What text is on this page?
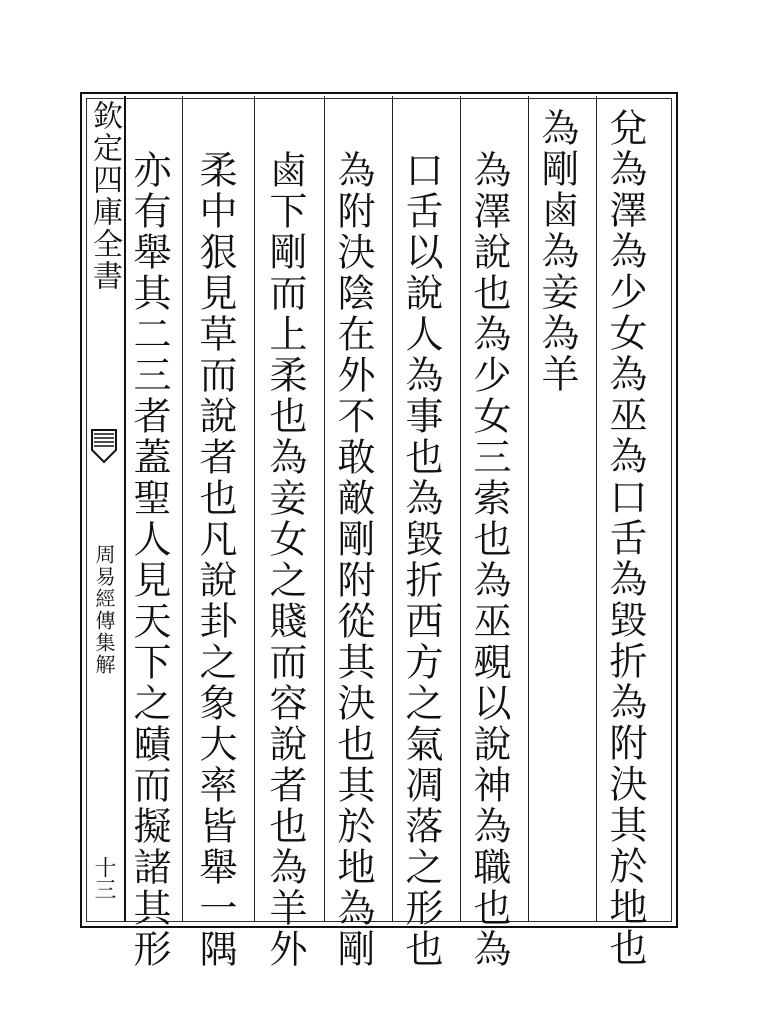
欽定四庫全書
周易經傳集解
十三	兌為澤為少女為巫為口舌為毀折為附決其於地也
為剛鹵為妾為羊
為澤說也為少女三索也為巫覡以說神為職也為
口舌以說人為事也為毀折西方之氣凋落之形也
為附決陰在外不敢敵剛附從其決也其於地為剛
鹵下剛而上柔也為妾女之賤而容說者也為羊外
柔中狠見草而說者也凡說卦之象大率皆舉一隅
亦有舉其二三者蓋聖人見天下之賾而擬諸其形
